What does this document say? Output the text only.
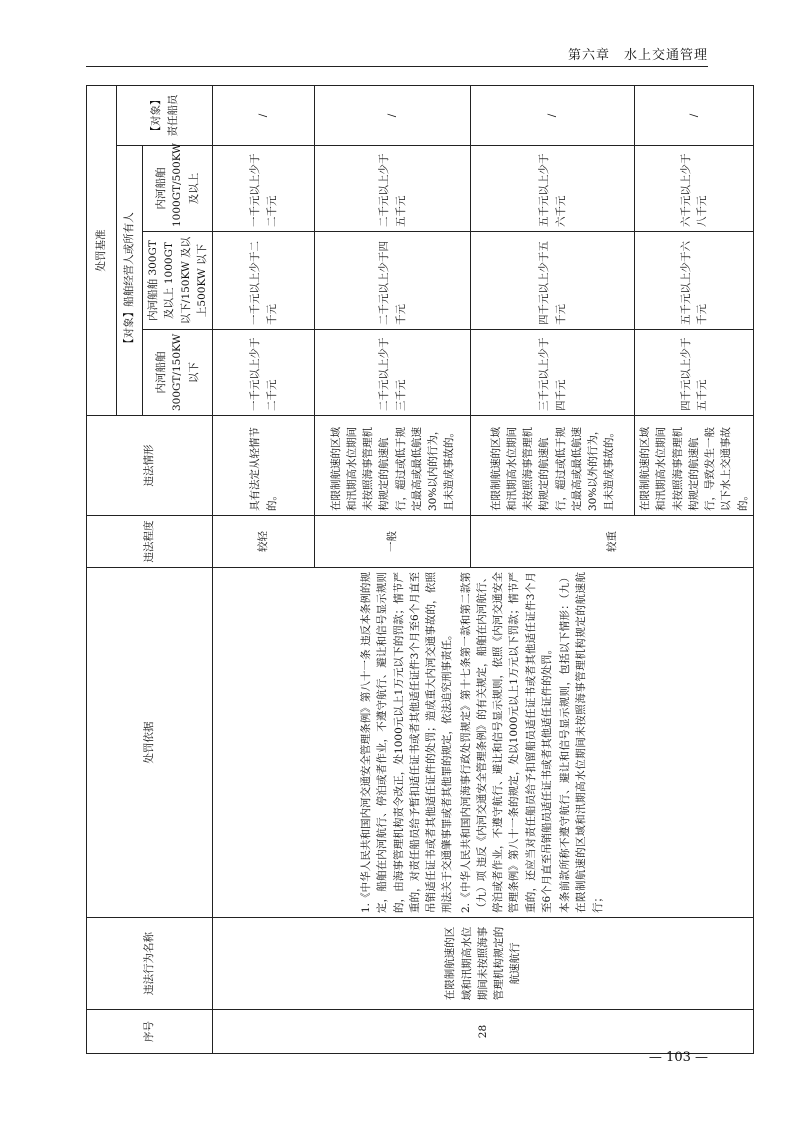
第六章　水上交通管理
序号	违法行为名称	处罚依据	违法程度	违法情形	处罚基准			
					【对象】船舶经营人或所有人			【对象】责任船员
					内河船舶300GT/150KW以下	内河船舶 300GT 及以上 1000GT 以下/150KW 及以上500KW 以下	内河船舶1000GT/500KW及以上	
28	在限制航速的区域和汛期高水位期间未按照海事管理机构规定的航速航行	1.《中华人民共和国内河交通安全管理条例》第八十一条 违反本条例的规定，船舶在内河航行、停泊或者作业，不遵守航行、避让和信号显示规则的，由海事管理机构责令改正，处1000元以上1万元以下的罚款；情节严重的，对责任船员给予暂扣适任证书或者其他适任证件3个月至6个月直至吊销适任证书或者其他适任证件的处罚；造成重大内河交通事故的，依照刑法关于交通肇事罪或者其他罪的规定，依法追究刑事责任。 2.《中华人民共和国内河海事行政处罚规定》第十七条第一款和第二款第（九）项 违反《内河交通安全管理条例》的有关规定，船舶在内河航行、停泊或者作业，不遵守航行、避让和信号显示规则，依照《内河交通安全管理条例》第八十一条的规定，处以1000元以上1万元以下罚款；情节严重的，还应当对责任船员给予扣留船员适任证书或者其他适任证件3个月至6个月直至吊销船员适任证书或者其他适任证件的处罚。 本条前款所称不遵守航行、避让和信号显示规则，包括以下情形：（九）在限制航速的区域和汛期高水位期间未按照海事管理机构规定的航速航行；	较轻	具有法定从轻情节的。	一千元以上少于二千元	一千元以上少于二千元	一千元以上少于二千元	/
			一般	在限制航速的区域和汛期高水位期间未按照海事管理机构规定的航速航行，超过或低于规定最高或最低航速30%以内的行为，且未造成事故的。	二千元以上少于三千元	二千元以上少于四千元	二千元以上少于五千元	/
			较重	在限制航速的区域和汛期高水位期间未按照海事管理机构规定的航速航行，超过或低于规定最高或最低航速30%以外的行为，且未造成事故的。	三千元以上少于四千元	四千元以上少于五千元	五千元以上少于六千元	/
				在限制航速的区域和汛期高水位期间未按照海事管理机构规定的航速航行，导致发生一般以下水上交通事故的。	四千元以上少于五千元	五千元以上少于六千元	六千元以上少于八千元	/
— 103 —
